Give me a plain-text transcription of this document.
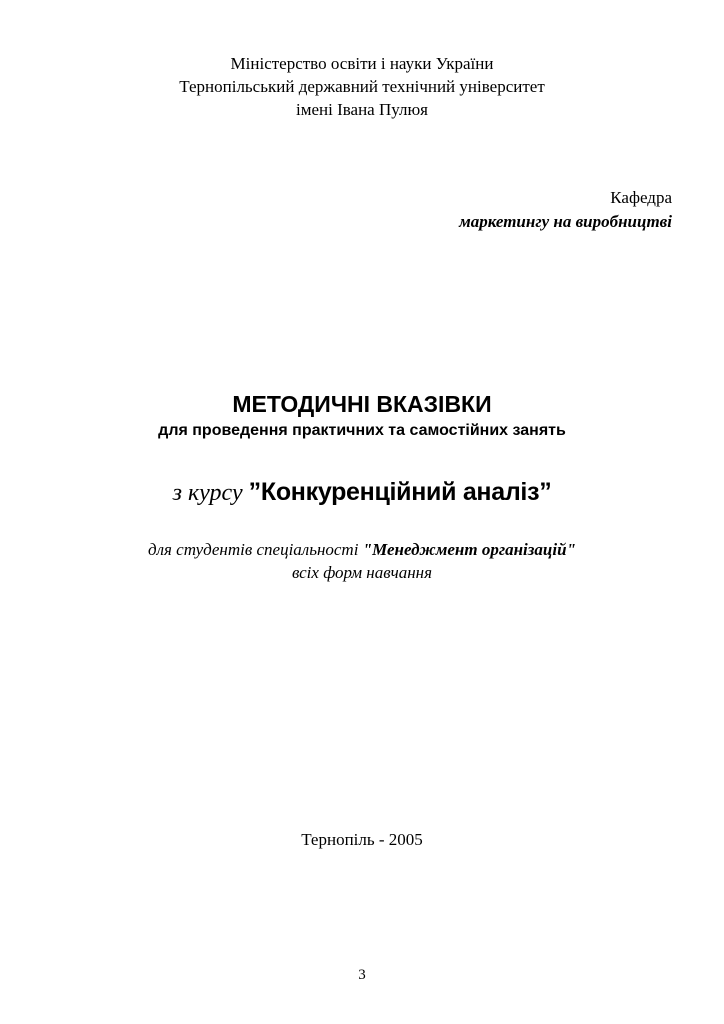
Міністерство освіти і науки України
Тернопільський державний технічний університет
імені Івана Пулюя
Кафедра
маркетингу на виробництві
МЕТОДИЧНІ ВКАЗІВКИ
для проведення практичних та самостійних занять
з курсу ”Конкуренційний аналіз”
для студентів спеціальності "Менеджмент організацій"
всіх форм навчання
Тернопіль - 2005
3
